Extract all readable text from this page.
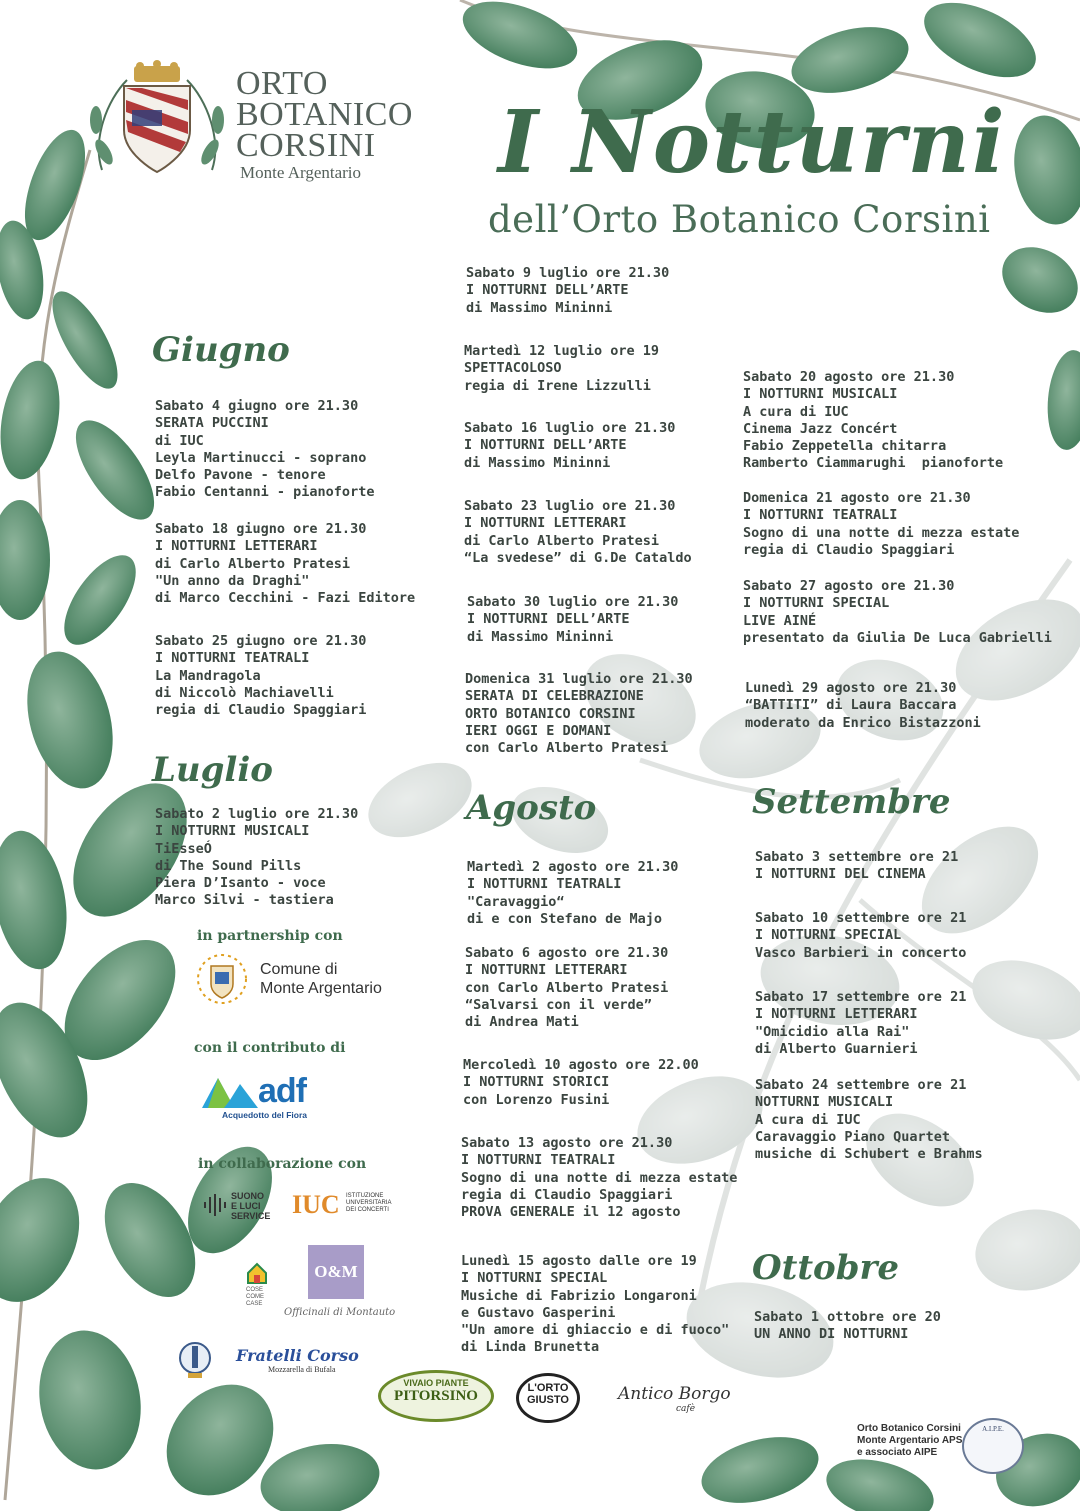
ORTO
BOTANICO
CORSINI
Monte Argentario I Notturni
dell’Orto Botanico Corsini
Giugno
Luglio
Agosto	Settembre
Ottobre
Sabato 4 giugno ore 21.30
SERATA PUCCINI
di IUC
Leyla Martinucci - soprano
Delfo Pavone - tenore
Fabio Centanni - pianoforte
Sabato 18 giugno ore 21.30
I NOTTURNI LETTERARI
di Carlo Alberto Pratesi
"Un anno da Draghi"
di Marco Cecchini - Fazi Editore
Sabato 25 giugno ore 21.30
I NOTTURNI TEATRALI
La Mandragola
di Niccolò Machiavelli
regia di Claudio Spaggiari
Sabato 2 luglio ore 21.30
I NOTTURNI MUSICALI
TiEsseÓ
di The Sound Pills
Piera D’Isanto - voce
Marco Silvi - tastiera
Sabato 9 luglio ore 21.30
I NOTTURNI DELL’ARTE
di Massimo Mininni
Martedì 12 luglio ore 19
SPETTACOLOSO
regia di Irene Lizzulli
Sabato 16 luglio ore 21.30
I NOTTURNI DELL’ARTE
di Massimo Mininni
Sabato 23 luglio ore 21.30
I NOTTURNI LETTERARI
di Carlo Alberto Pratesi
“La svedese” di G.De Cataldo
Sabato 30 luglio ore 21.30
I NOTTURNI DELL’ARTE
di Massimo Mininni
Domenica 31 luglio ore 21.30
SERATA DI CELEBRAZIONE
ORTO BOTANICO CORSINI
IERI OGGI E DOMANI
con Carlo Alberto Pratesi
Martedì 2 agosto ore 21.30
I NOTTURNI TEATRALI
"Caravaggio“
di e con Stefano de Majo
Sabato 6 agosto ore 21.30
I NOTTURNI LETTERARI
con Carlo Alberto Pratesi
“Salvarsi con il verde”
di Andrea Mati
Mercoledì 10 agosto ore 22.00
I NOTTURNI STORICI
con Lorenzo Fusini
Sabato 13 agosto ore 21.30
I NOTTURNI TEATRALI
Sogno di una notte di mezza estate
regia di Claudio Spaggiari
PROVA GENERALE il 12 agosto
Lunedì 15 agosto dalle ore 19
I NOTTURNI SPECIAL
Musiche di Fabrizio Longaroni
e Gustavo Gasperini
"Un amore di ghiaccio e di fuoco"
di Linda Brunetta
Sabato 20 agosto ore 21.30
I NOTTURNI MUSICALI
A cura di IUC
Cinema Jazz Concért
Fabio Zeppetella chitarra
Ramberto Ciammarughi  pianoforte
Domenica 21 agosto ore 21.30
I NOTTURNI TEATRALI
Sogno di una notte di mezza estate
regia di Claudio Spaggiari
Sabato 27 agosto ore 21.30
I NOTTURNI SPECIAL
LIVE AINÉ
presentato da Giulia De Luca Gabrielli
Lunedì 29 agosto ore 21.30
“BATTITI” di Laura Baccara
moderato da Enrico Bistazzoni
Sabato 3 settembre ore 21
I NOTTURNI DEL CINEMA
Sabato 10 settembre ore 21
I NOTTURNI SPECIAL
Vasco Barbieri in concerto
Sabato 17 settembre ore 21
I NOTTURNI LETTERARI
"Omicidio alla Rai"
di Alberto Guarnieri
Sabato 24 settembre ore 21
NOTTURNI MUSICALI
A cura di IUC
Caravaggio Piano Quartet
musiche di Schubert e Brahms
Sabato 1 ottobre ore 20
UN ANNO DI NOTTURNI
in partnership con
Comune di
Monte Argentario
con il contributo di
adf
Acquedotto del Fiora
in collaborazione con
SUONO
E LUCI
SERVICE IUC ISTITUZIONE
UNIVERSITARIA
DEI CONCERTI
COSE
COME
CASE
O&M
Officinali di Montauto
Fratelli Corso
Mozzarella di Bufala
VIVAIO PIANTE
PITORSINO	L'ORTO
GIUSTO	Antico Borgo
cafè
Orto Botanico Corsini
Monte Argentario APS
e associato AIPE
A.I.P.E.
